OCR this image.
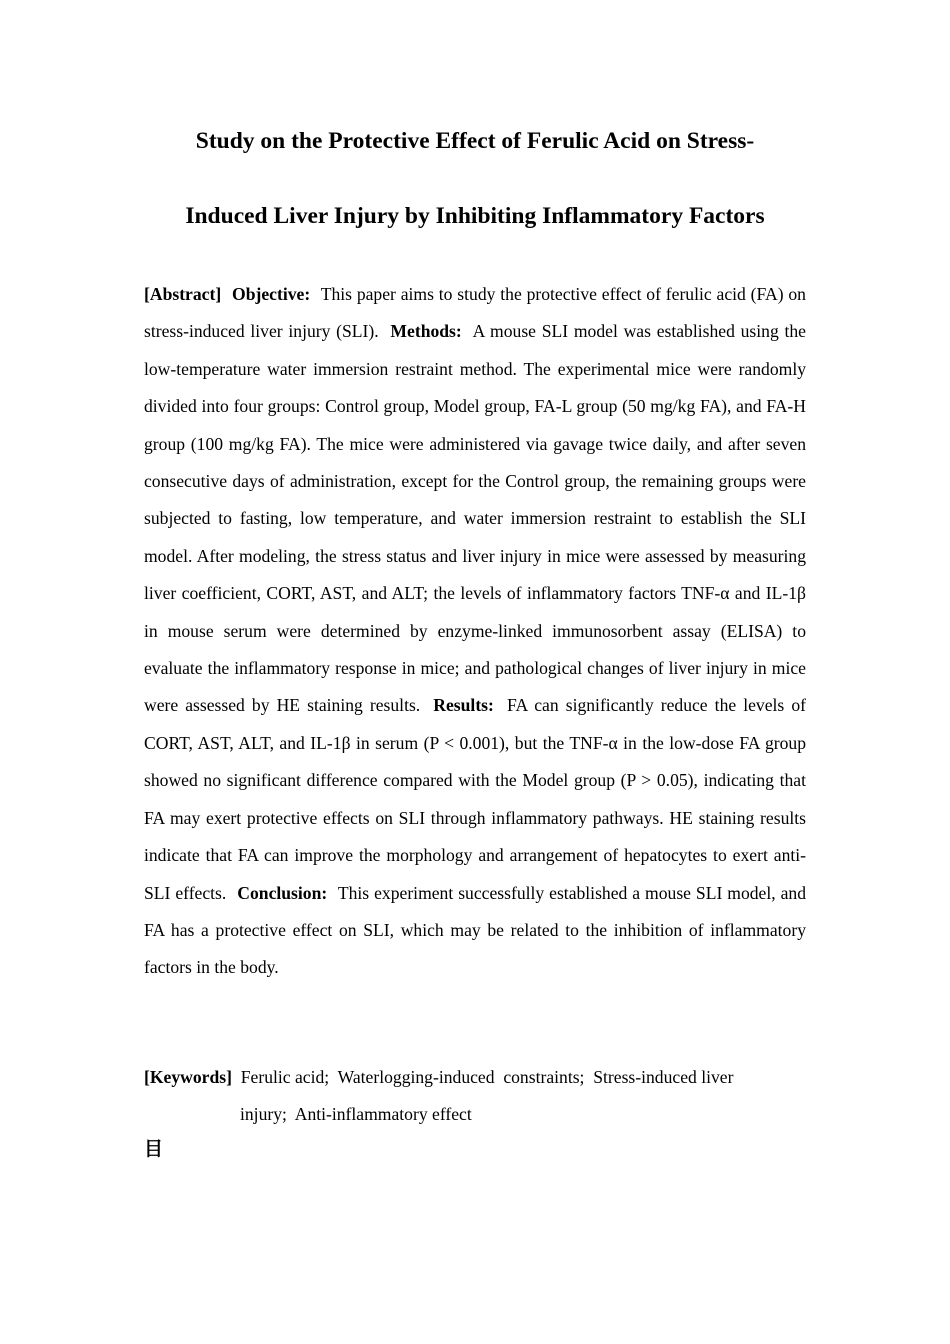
Study on the Protective Effect of Ferulic Acid on Stress-
Induced Liver Injury by Inhibiting Inflammatory Factors
[Abstract] Objective: This paper aims to study the protective effect of ferulic acid (FA) on stress-induced liver injury (SLI). Methods: A mouse SLI model was established using the low-temperature water immersion restraint method. The experimental mice were randomly divided into four groups: Control group, Model group, FA-L group (50 mg/kg FA), and FA-H group (100 mg/kg FA). The mice were administered via gavage twice daily, and after seven consecutive days of administration, except for the Control group, the remaining groups were subjected to fasting, low temperature, and water immersion restraint to establish the SLI model. After modeling, the stress status and liver injury in mice were assessed by measuring liver coefficient, CORT, AST, and ALT; the levels of inflammatory factors TNF-α and IL-1β in mouse serum were determined by enzyme-linked immunosorbent assay (ELISA) to evaluate the inflammatory response in mice; and pathological changes of liver injury in mice were assessed by HE staining results. Results: FA can significantly reduce the levels of CORT, AST, ALT, and IL-1β in serum (P < 0.001), but the TNF-α in the low-dose FA group showed no significant difference compared with the Model group (P > 0.05), indicating that FA may exert protective effects on SLI through inflammatory pathways. HE staining results indicate that FA can improve the morphology and arrangement of hepatocytes to exert anti-SLI effects. Conclusion: This experiment successfully established a mouse SLI model, and FA has a protective effect on SLI, which may be related to the inhibition of inflammatory factors in the body.
[Keywords] Ferulic acid;  Waterlogging-induced  constraints;  Stress-induced liver
injury;  Anti-inflammatory effect
目
